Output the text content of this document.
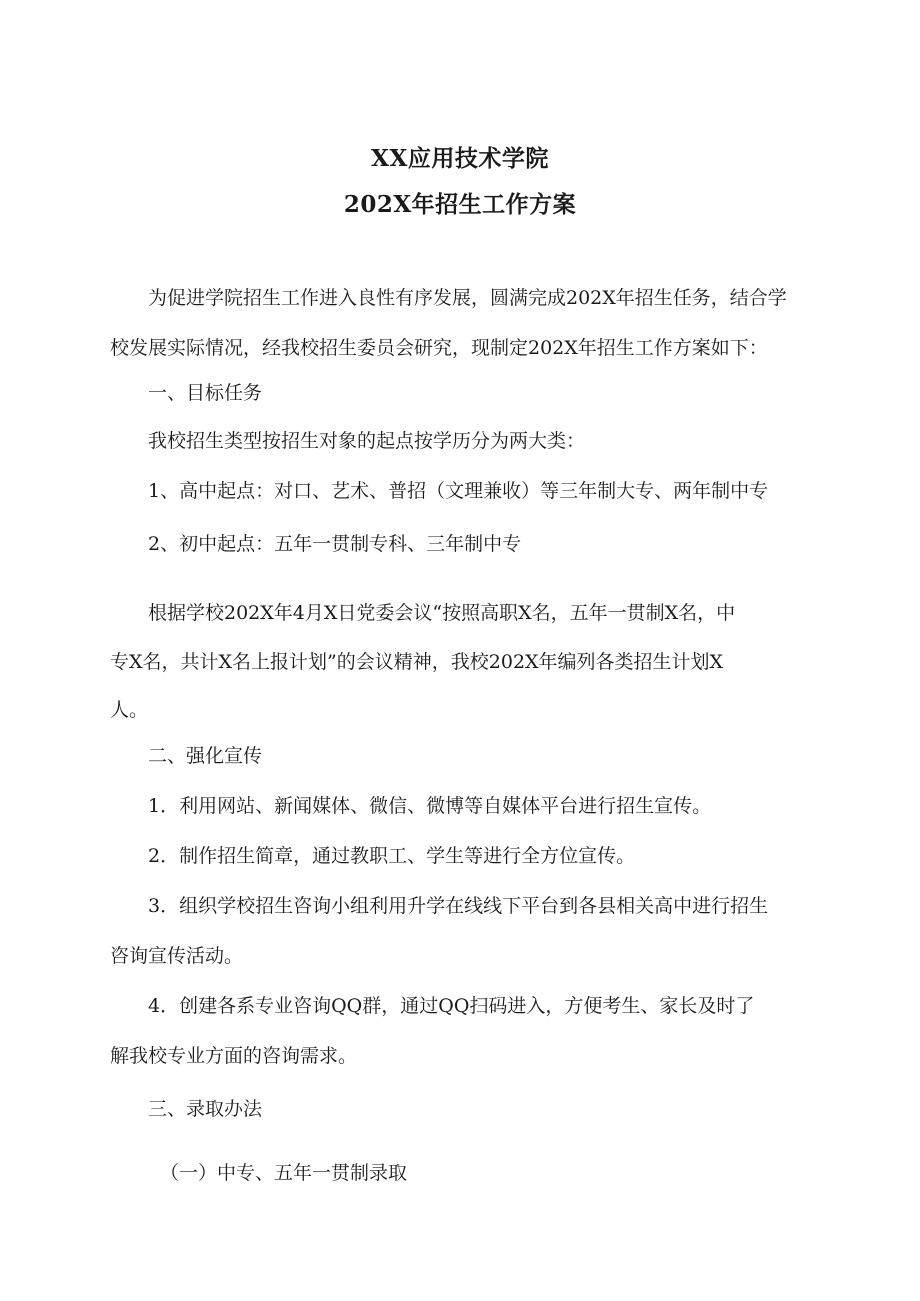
XX应用技术学院
202X年招生工作方案
为促进学院招生工作进入良性有序发展，圆满完成202X年招生任务，结合学
校发展实际情况，经我校招生委员会研究，现制定202X年招生工作方案如下：
一、目标任务
我校招生类型按招生对象的起点按学历分为两大类：
1、高中起点：对口、艺术、普招（文理兼收）等三年制大专、两年制中专
2、初中起点：五年一贯制专科、三年制中专
根据学校202X年4月X日党委会议“按照高职X名，五年一贯制X名，中
专X名，共计X名上报计划”的会议精神，我校202X年编列各类招生计划X
人。
二、强化宣传
1．利用网站、新闻媒体、微信、微博等自媒体平台进行招生宣传。
2．制作招生简章，通过教职工、学生等进行全方位宣传。
3．组织学校招生咨询小组利用升学在线线下平台到各县相关高中进行招生
咨询宣传活动。
4．创建各系专业咨询QQ群，通过QQ扫码进入，方便考生、家长及时了
解我校专业方面的咨询需求。
三、录取办法
（一）中专、五年一贯制录取
